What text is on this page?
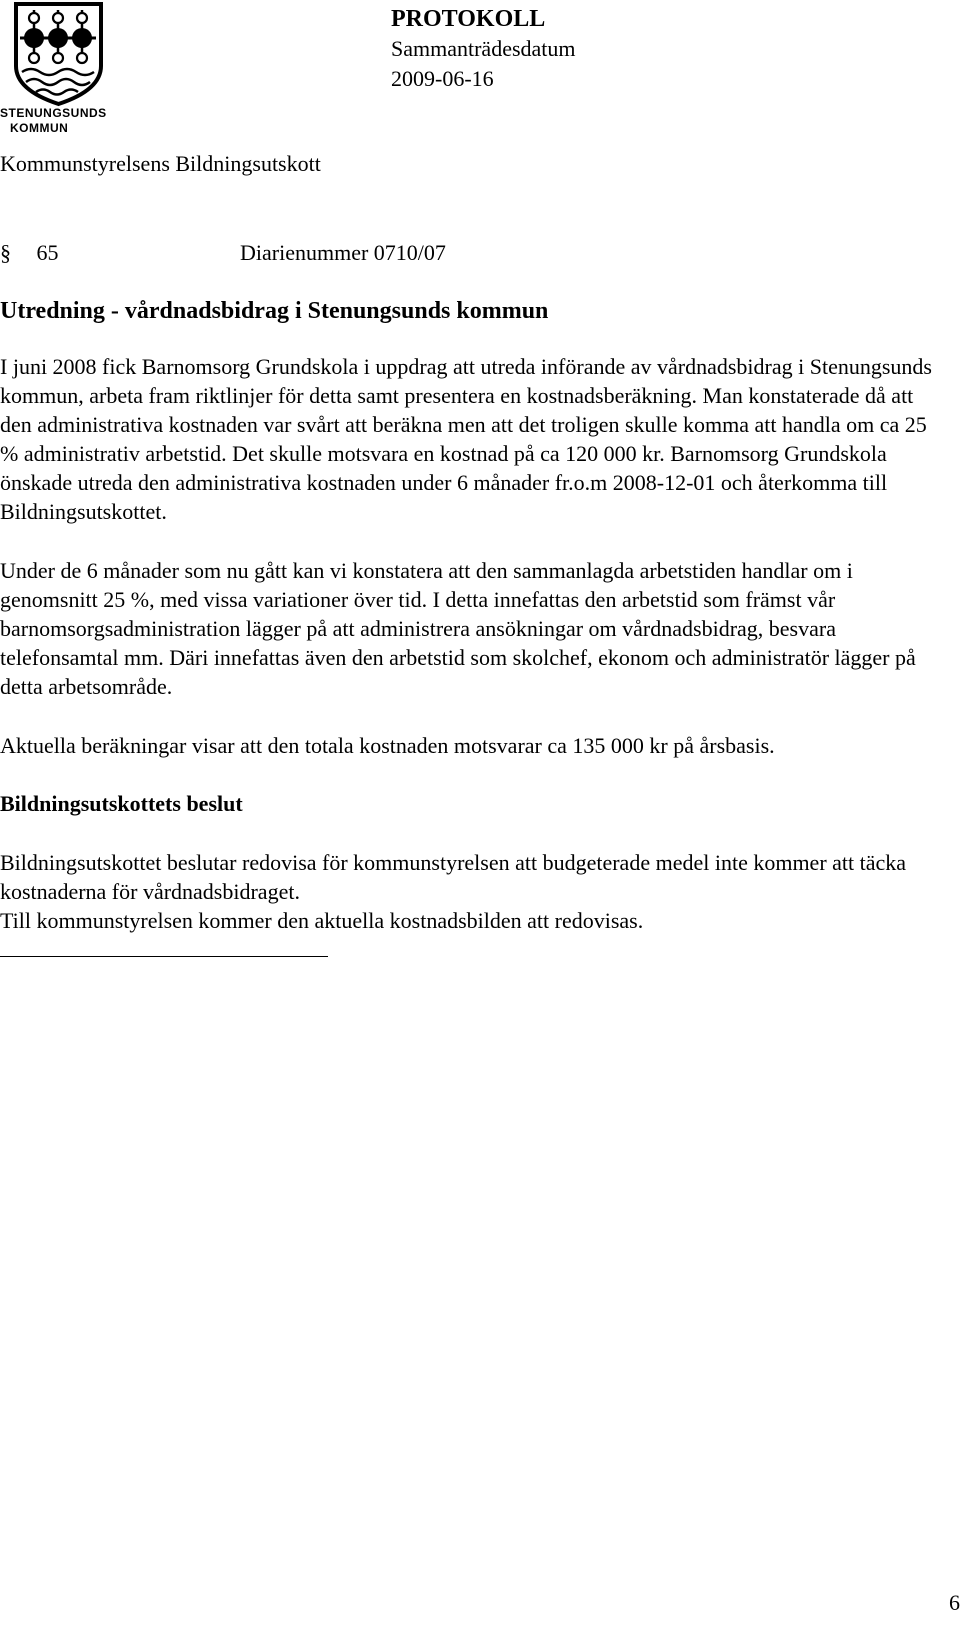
STENUNGSUNDS
KOMMUN
PROTOKOLL
Sammanträdesdatum
2009-06-16
Kommunstyrelsens Bildningsutskott
§ 65	Diarienummer 0710/07
Utredning - vårdnadsbidrag i Stenungsunds kommun
I juni 2008 fick Barnomsorg Grundskola i uppdrag att utreda införande av vårdnadsbidrag i Stenungsunds kommun, arbeta fram riktlinjer för detta samt presentera en kostnadsberäkning. Man konstaterade då att den administrativa kostnaden var svårt att beräkna men att det troligen skulle komma att handla om ca 25 % administrativ arbetstid. Det skulle motsvara en kostnad på ca 120 000 kr. Barnomsorg Grundskola önskade utreda den administrativa kostnaden under 6 månader fr.o.m 2008-12-01 och återkomma till Bildningsutskottet.
Under de 6 månader som nu gått kan vi konstatera att den sammanlagda arbetstiden handlar om i genomsnitt 25 %, med vissa variationer över tid. I detta innefattas den arbetstid som främst vår barnomsorgsadministration lägger på att administrera ansökningar om vårdnadsbidrag, besvara telefonsamtal mm. Däri innefattas även den arbetstid som skolchef, ekonom och administratör lägger på detta arbetsområde.
Aktuella beräkningar visar att den totala kostnaden motsvarar ca 135 000 kr på årsbasis.
Bildningsutskottets beslut
Bildningsutskottet beslutar redovisa för kommunstyrelsen att budgeterade medel inte kommer att täcka kostnaderna för vårdnadsbidraget.
Till kommunstyrelsen kommer den aktuella kostnadsbilden att redovisas.
6
